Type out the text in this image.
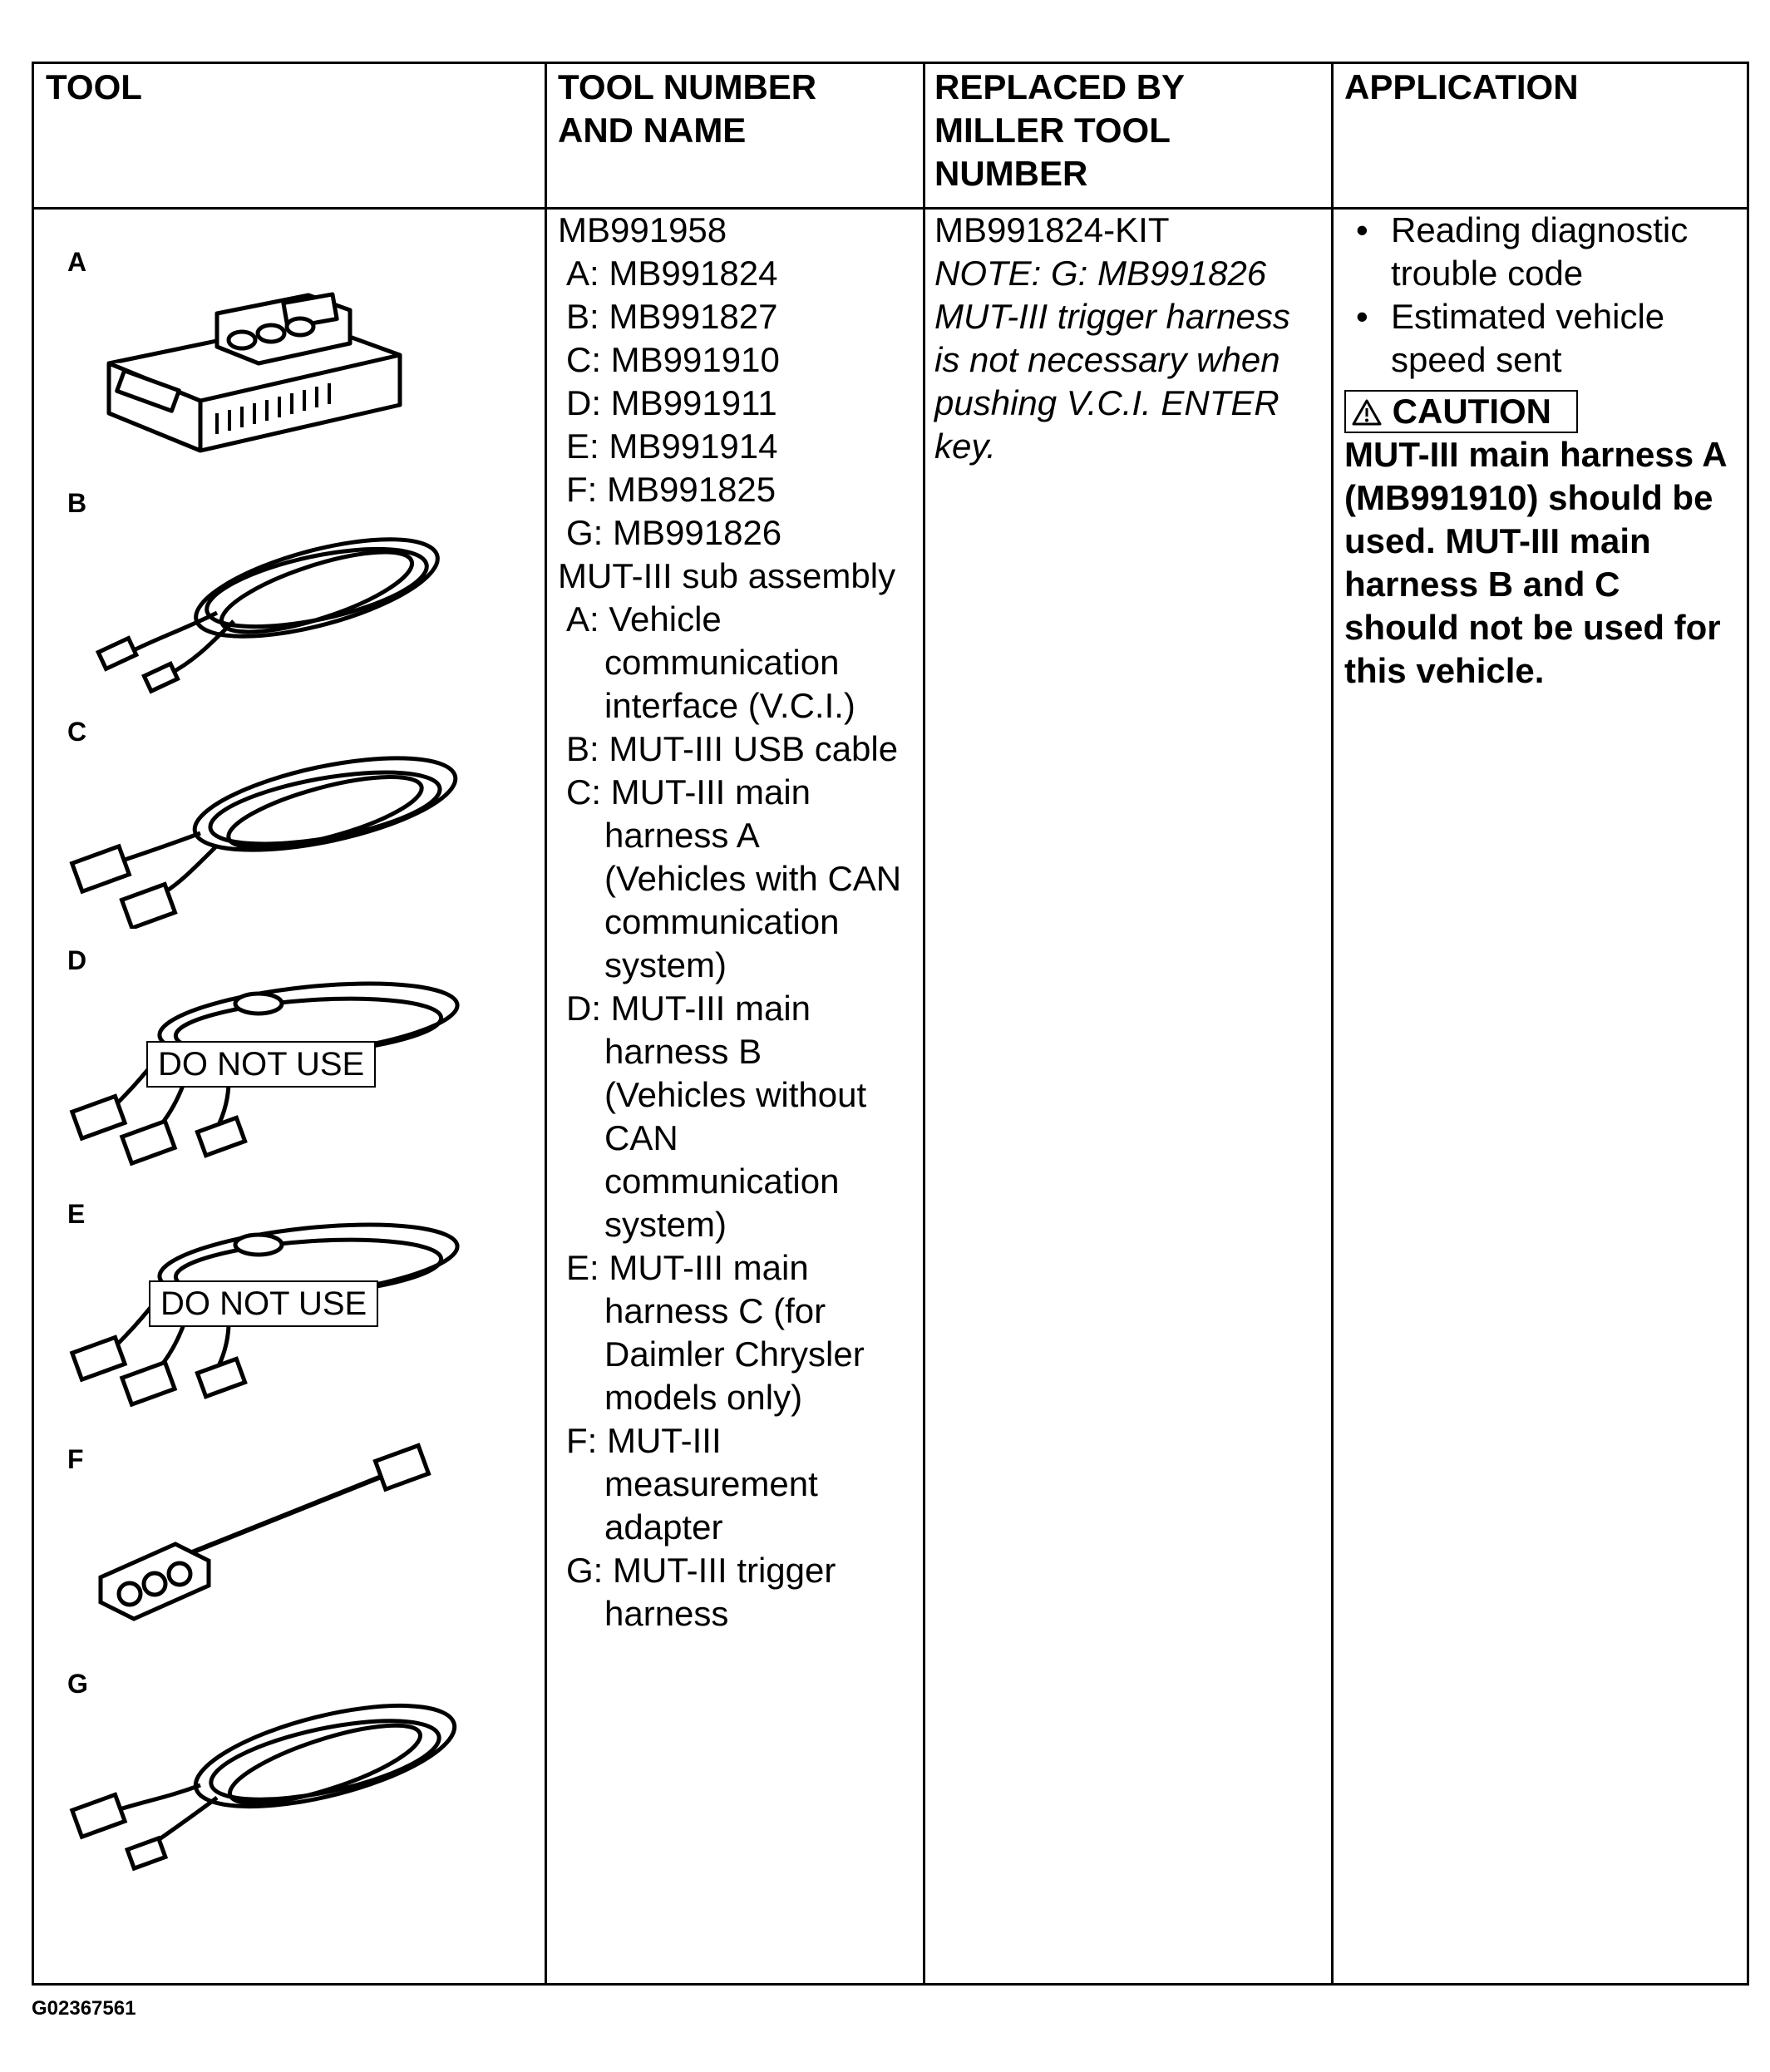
TOOL	TOOL NUMBER
AND NAME
REPLACED BY
MILLER TOOL
NUMBER
APPLICATION
A
B
C
D
DO NOT USE
E
DO NOT USE
F
G
MB991958
A: MB991824
B: MB991827
C: MB991910
D: MB991911
E: MB991914
F: MB991825
G: MB991826
MUT-III sub assembly
A: Vehicle
communication
interface (V.C.I.)
B: MUT-III USB cable
C: MUT-III main
harness A
(Vehicles with CAN
communication
system)
D: MUT-III main
harness B
(Vehicles without
CAN
communication
system)
E: MUT-III main
harness C (for
Daimler Chrysler
models only)
F: MUT-III
measurement
adapter
G: MUT-III trigger
harness
MB991824-KIT
NOTE: G: MB991826
MUT-III trigger harness
is not necessary when
pushing V.C.I. ENTER
key.
• Reading diagnostic
trouble code
• Estimated vehicle
speed sent
CAUTION
MUT-III main harness A
(MB991910) should be
used. MUT-III main
harness B and C
should not be used for
this vehicle.
G02367561
